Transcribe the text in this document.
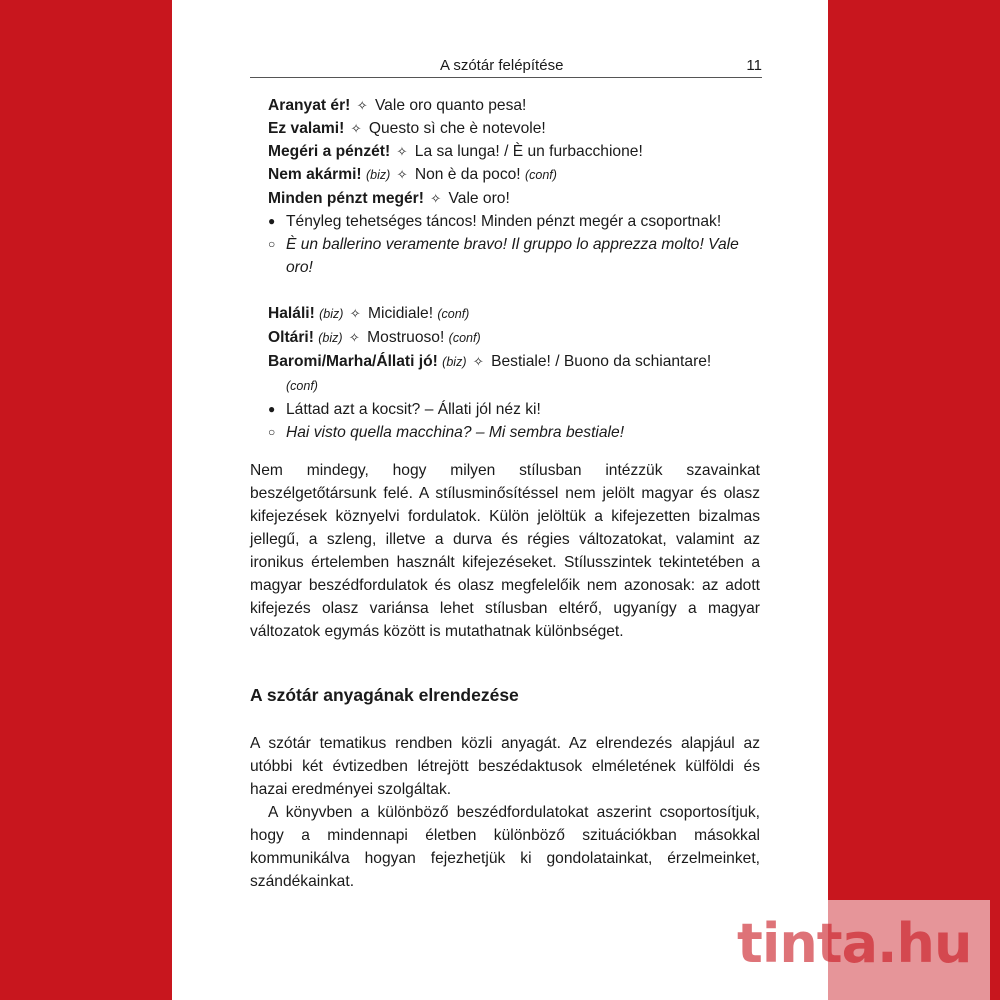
A szótár felépítése	11
Aranyat ér! ✧ Vale oro quanto pesa!
Ez valami! ✧ Questo sì che è notevole!
Megéri a pénzét! ✧ La sa lunga! / È un furbacchione!
Nem akármi! (biz) ✧ Non è da poco! (conf)
Minden pénzt megér! ✧ Vale oro!
● Tényleg tehetséges táncos! Minden pénzt megér a csoportnak!
○ È un ballerino veramente bravo! Il gruppo lo apprezza molto! Vale oro!
Haláli! (biz) ✧ Micidiale! (conf)
Oltári! (biz) ✧ Mostruoso! (conf)
Baromi/Marha/Állati jó! (biz) ✧ Bestiale! / Buono da schiantare!
(conf)
● Láttad azt a kocsit? – Állati jól néz ki!
○ Hai visto quella macchina? – Mi sembra bestiale!

Nem mindegy, hogy milyen stílusban intézzük szavainkat beszélgetőtársunk felé. A stílusminősítéssel nem jelölt magyar és olasz kifejezések köznyelvi fordulatok. Külön jelöltük a kifejezetten bizalmas jellegű, a szleng, illetve a durva és régies változatokat, valamint az ironikus értelemben használt kifejezéseket. Stílusszintek tekintetében a magyar beszédfordulatok és olasz megfelelőik nem azonosak: az adott kifejezés olasz variánsa lehet stílusban eltérő, ugyanígy a magyar változatok egymás között is mutathatnak különbséget.

A szótár anyagának elrendezése

A szótár tematikus rendben közli anyagát. Az elrendezés alapjául az utóbbi két évtizedben létrejött beszédaktusok elméletének külföldi és hazai eredményei szolgáltak.

A könyvben a különböző beszédfordulatokat aszerint csoportosítjuk, hogy a mindennapi életben különböző szituációkban másokkal kommunikálva hogyan fejezhetjük ki gondolatainkat, érzelmeinket, szándékainkat.

tinta.hu
